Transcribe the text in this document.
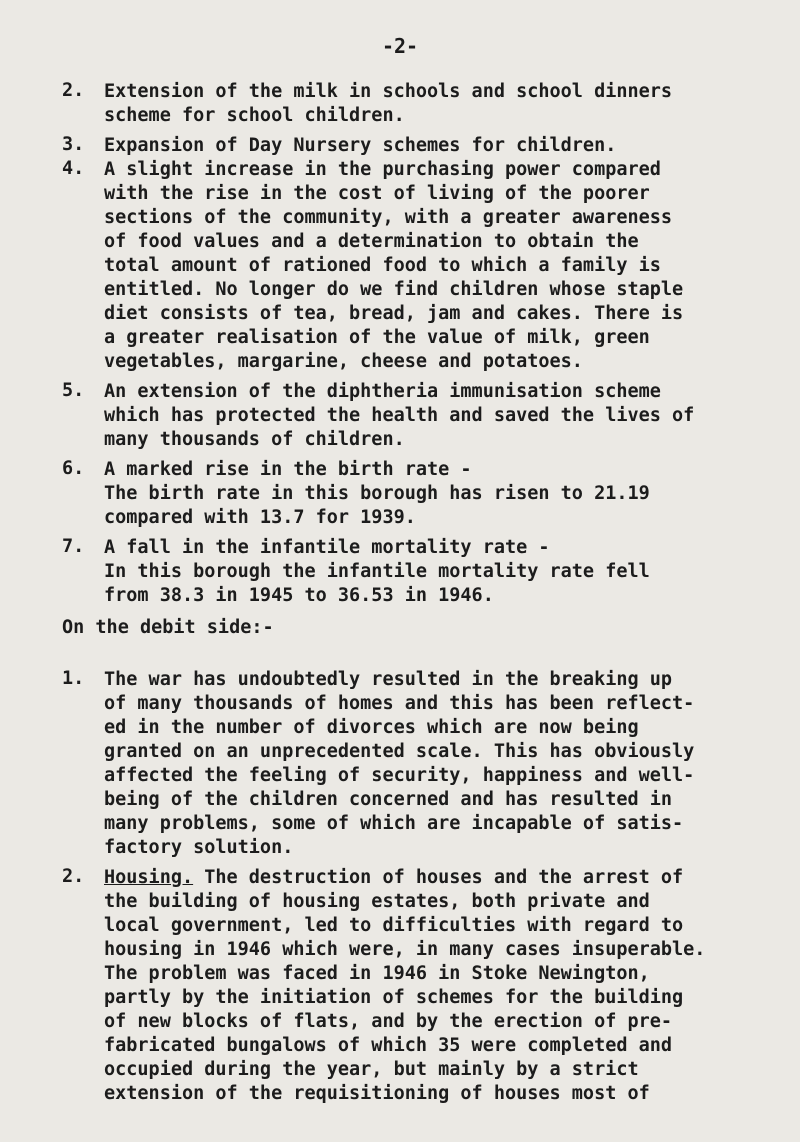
-2-
2. Extension of the milk in schools and school dinners
scheme for school children.
3. Expansion of Day Nursery schemes for children.
4. A slight increase in the purchasing power compared
with the rise in the cost of living of the poorer
sections of the community, with a greater awareness
of food values and a determination to obtain the
total amount of rationed food to which a family is
entitled. No longer do we find children whose staple
diet consists of tea, bread, jam and cakes. There is
a greater realisation of the value of milk, green
vegetables, margarine, cheese and potatoes.
5. An extension of the diphtheria immunisation scheme
which has protected the health and saved the lives of
many thousands of children.
6. A marked rise in the birth rate -
The birth rate in this borough has risen to 21.19
compared with 13.7 for 1939.
7. A fall in the infantile mortality rate -
In this borough the infantile mortality rate fell
from 38.3 in 1945 to 36.53 in 1946.
On the debit side:-
1. The war has undoubtedly resulted in the breaking up
of many thousands of homes and this has been reflect-
ed in the number of divorces which are now being
granted on an unprecedented scale. This has obviously
affected the feeling of security, happiness and well-
being of the children concerned and has resulted in
many problems, some of which are incapable of satis-
factory solution.
2. Housing. The destruction of houses and the arrest of
the building of housing estates, both private and
local government, led to difficulties with regard to
housing in 1946 which were, in many cases insuperable.
The problem was faced in 1946 in Stoke Newington,
partly by the initiation of schemes for the building
of new blocks of flats, and by the erection of pre-
fabricated bungalows of which 35 were completed and
occupied during the year, but mainly by a strict
extension of the requisitioning of houses most of
